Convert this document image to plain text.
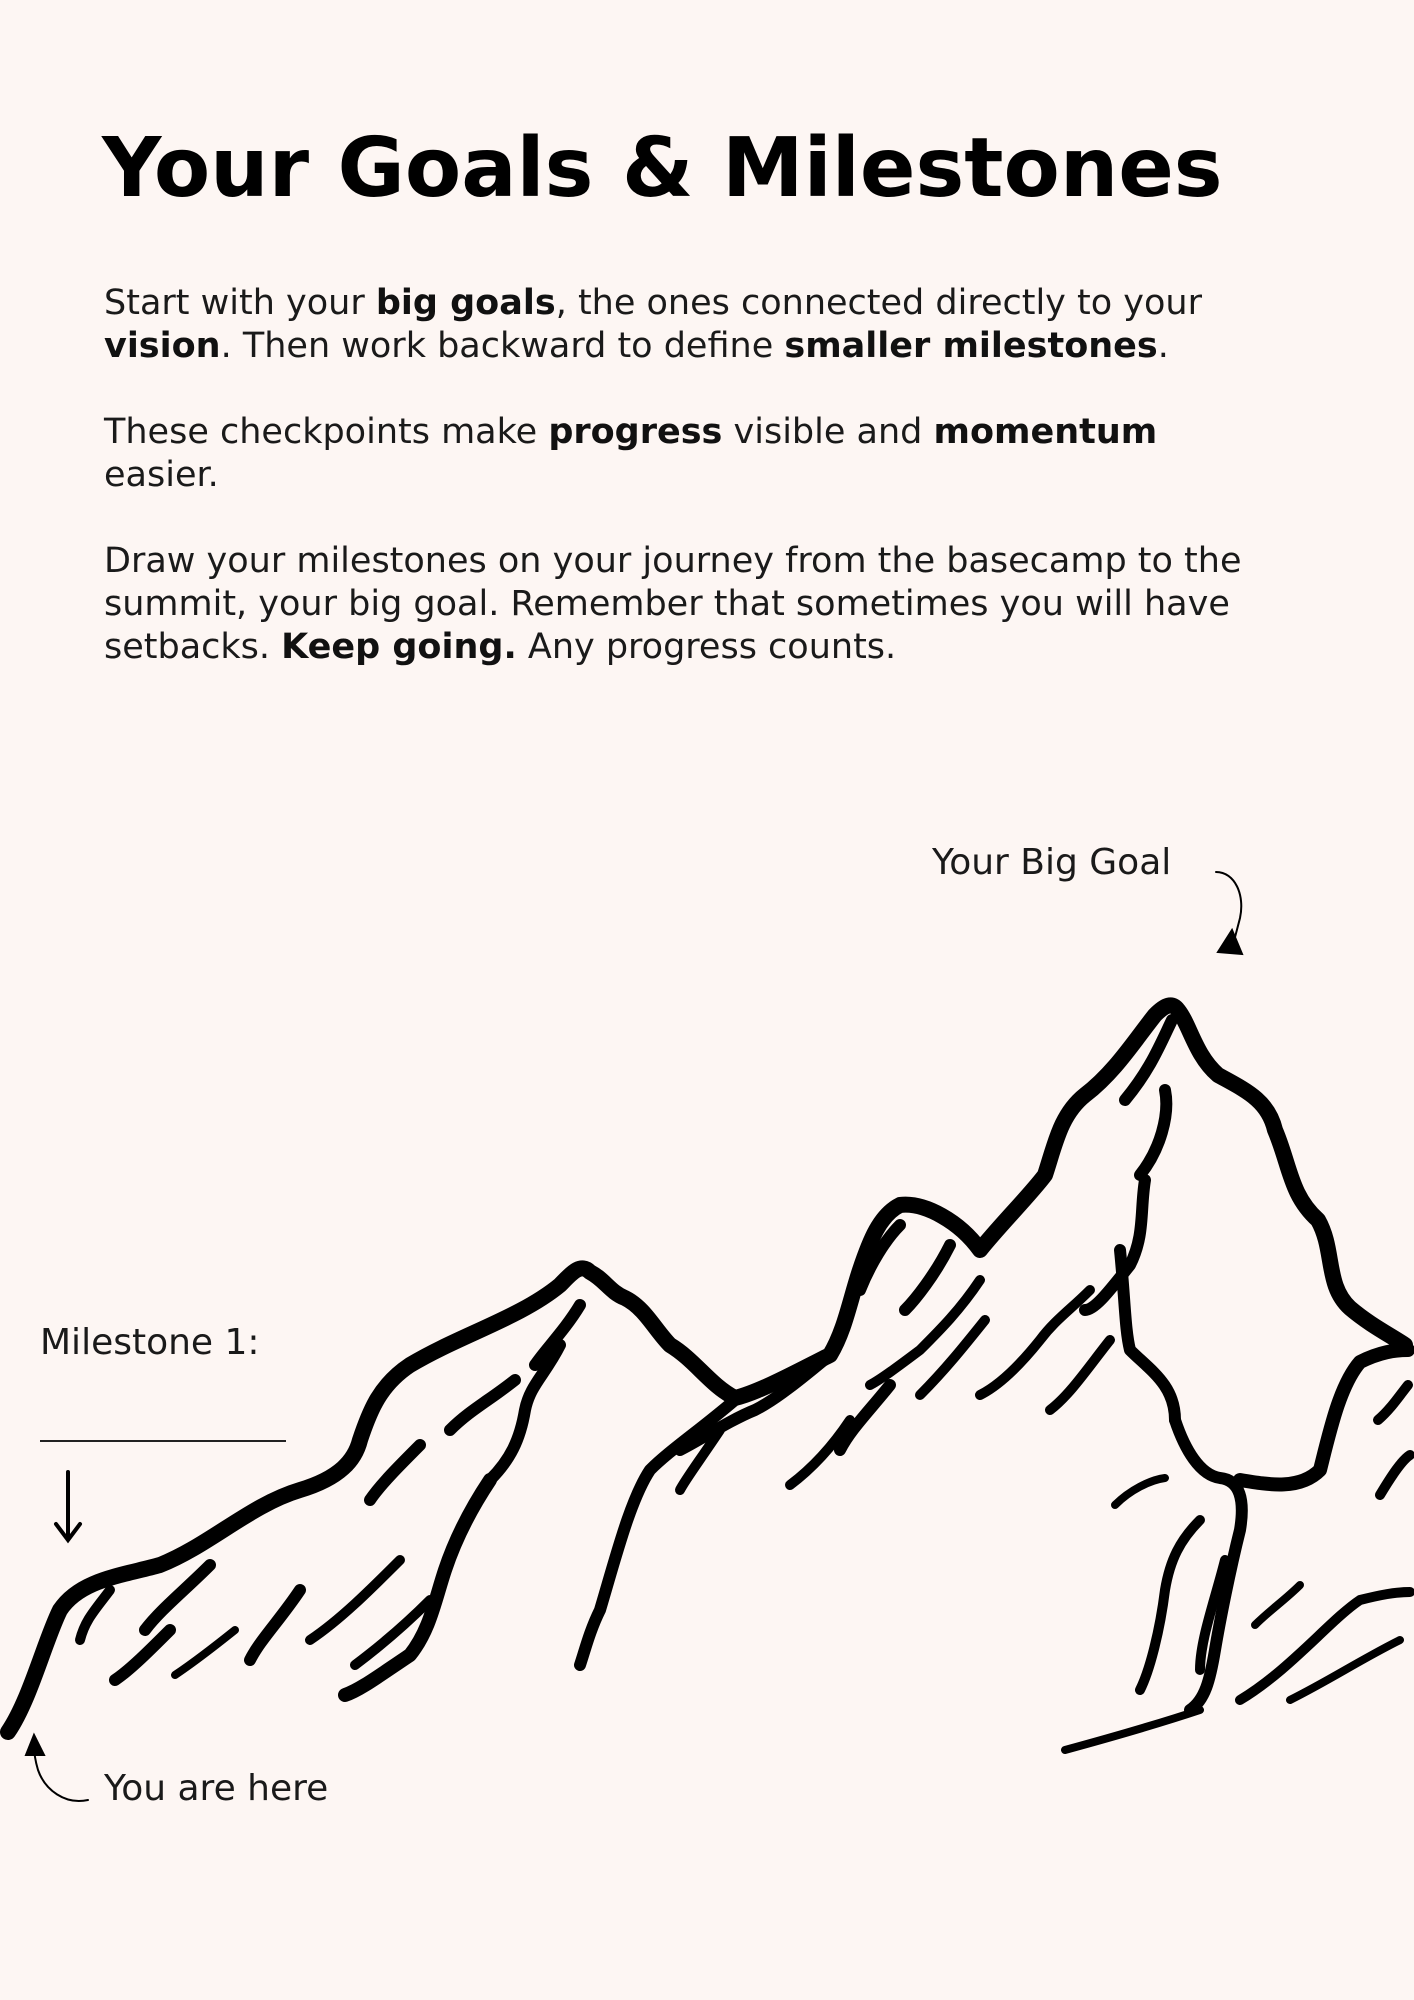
Your Goals & Milestones

Start with your big goals, the ones connected directly to your vision. Then work backward to define smaller milestones.

These checkpoints make progress visible and momentum easier.

Draw your milestones on your journey from the basecamp to the summit, your big goal. Remember that sometimes you will have setbacks. Keep going. Any progress counts.

Your Big Goal
Milestone 1:
You are here
